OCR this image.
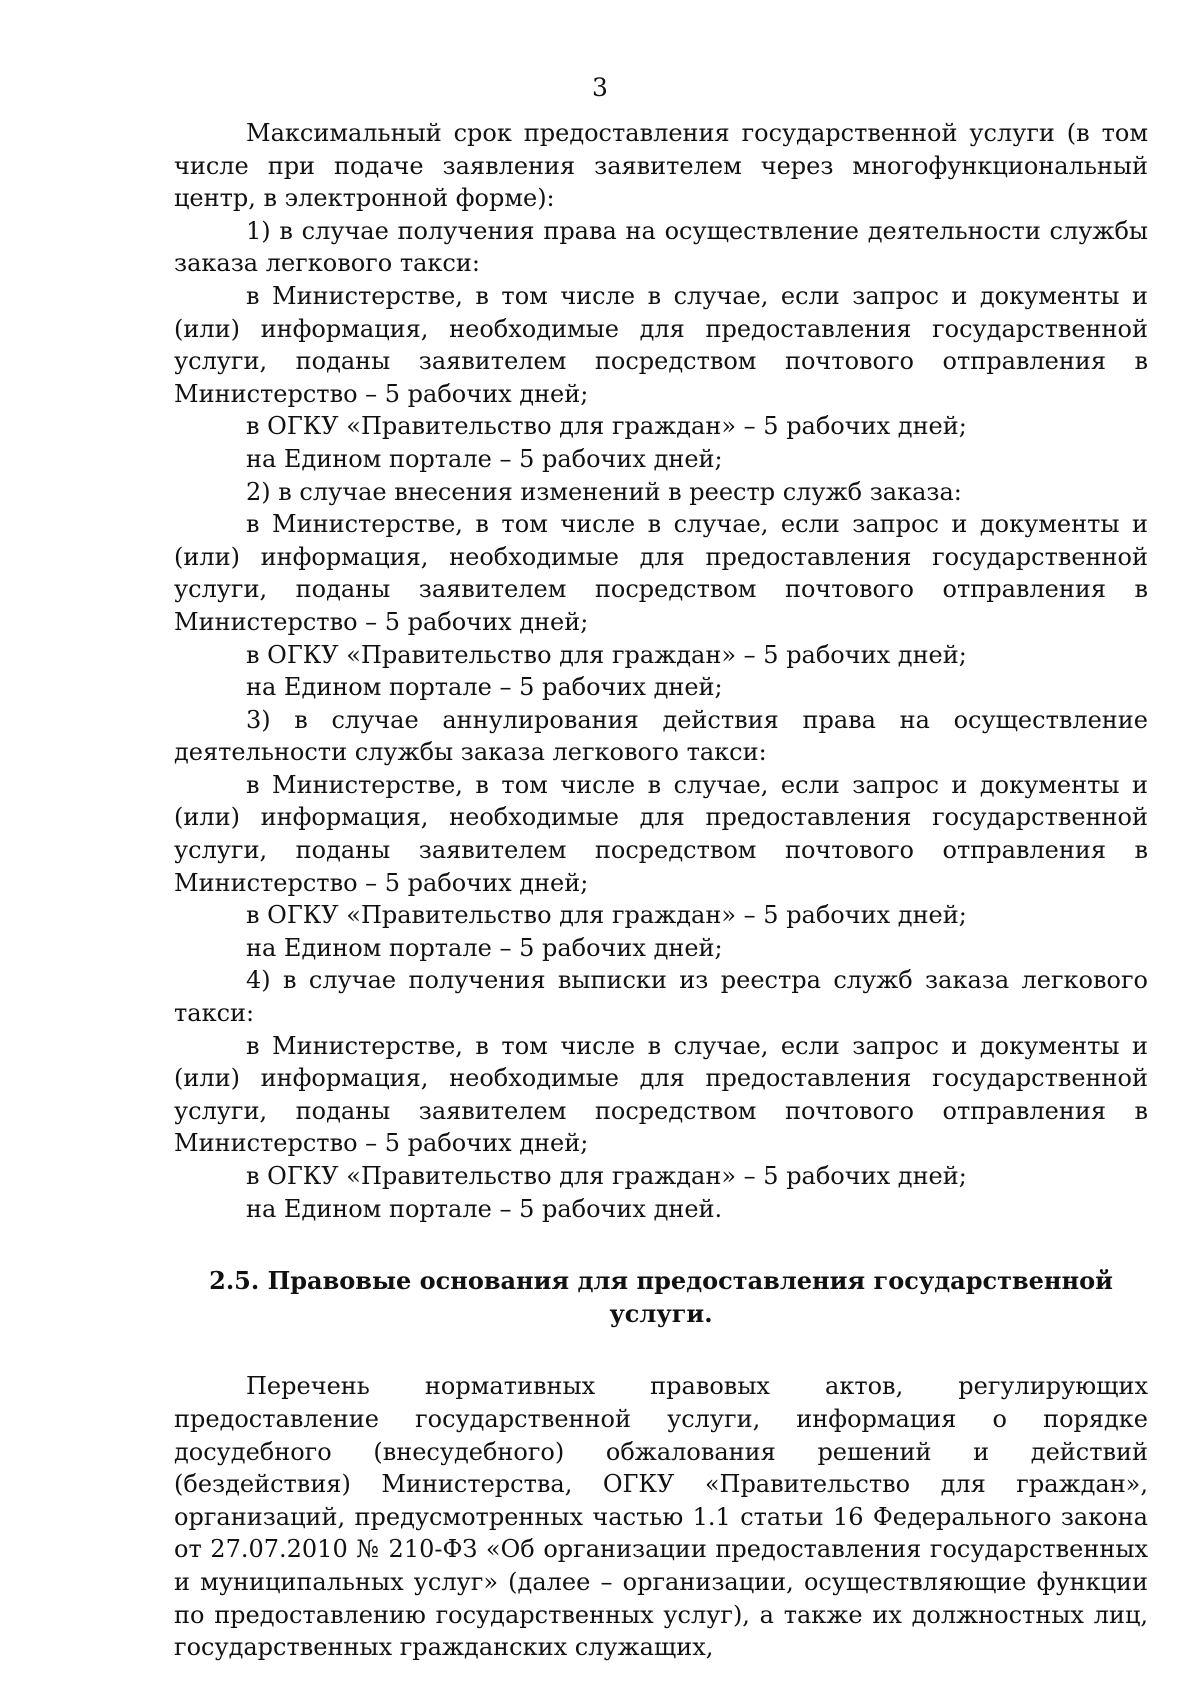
3

Максимальный срок предоставления государственной услуги (в том числе при подаче заявления заявителем через многофункциональный центр, в электронной форме):

1) в случае получения права на осуществление деятельности службы заказа легкового такси:

в Министерстве, в том числе в случае, если запрос и документы и (или) информация, необходимые для предоставления государственной услуги, поданы заявителем посредством почтового отправления в Министерство – 5 рабочих дней;

в ОГКУ «Правительство для граждан» – 5 рабочих дней;

на Едином портале – 5 рабочих дней;

2) в случае внесения изменений в реестр служб заказа:

в Министерстве, в том числе в случае, если запрос и документы и (или) информация, необходимые для предоставления государственной услуги, поданы заявителем посредством почтового отправления в Министерство – 5 рабочих дней;

в ОГКУ «Правительство для граждан» – 5 рабочих дней;

на Едином портале – 5 рабочих дней;

3) в случае аннулирования действия права на осуществление деятельности службы заказа легкового такси:

в Министерстве, в том числе в случае, если запрос и документы и (или) информация, необходимые для предоставления государственной услуги, поданы заявителем посредством почтового отправления в Министерство – 5 рабочих дней;

в ОГКУ «Правительство для граждан» – 5 рабочих дней;

на Едином портале – 5 рабочих дней;

4) в случае получения выписки из реестра служб заказа легкового такси:

в Министерстве, в том числе в случае, если запрос и документы и (или) информация, необходимые для предоставления государственной услуги, поданы заявителем посредством почтового отправления в Министерство – 5 рабочих дней;

в ОГКУ «Правительство для граждан» – 5 рабочих дней;

на Едином портале – 5 рабочих дней.

2.5. Правовые основания для предоставления государственной услуги.

Перечень нормативных правовых актов, регулирующих предоставление государственной услуги, информация о порядке досудебного (внесудебного) обжалования решений и действий (бездействия) Министерства, ОГКУ «Правительство для граждан», организаций, предусмотренных частью 1.1 статьи 16 Федерального закона от 27.07.2010 № 210-ФЗ «Об организации предоставления государственных и муниципальных услуг» (далее – организации, осуществляющие функции по предоставлению государственных услуг), а также их должностных лиц, государственных гражданских служащих,
